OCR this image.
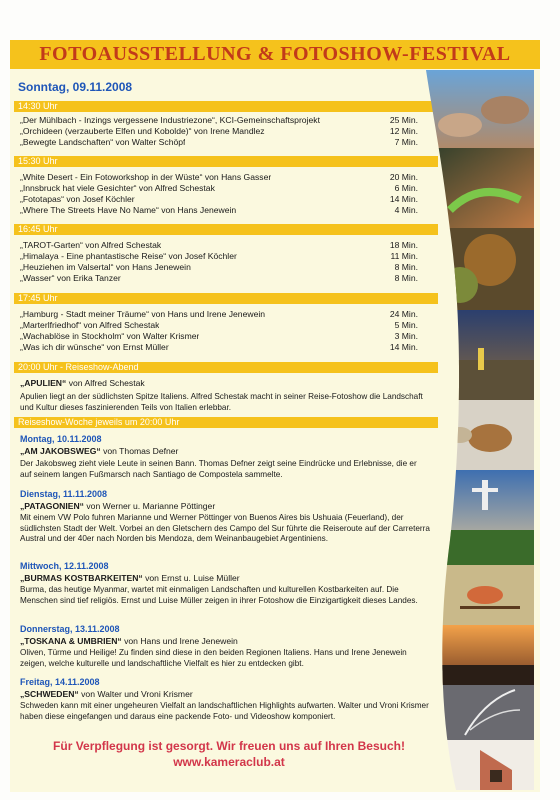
FOTOAUSSTELLUNG & FOTOSHOW-FESTIVAL
Sonntag, 09.11.2008
14:30 Uhr
„Der Mühlbach - Inzings vergessene Industriezone“, KCI-Gemeinschaftsprojekt	25 Min.
„Orchideen (verzauberte Elfen und Kobolde)“ von Irene Mandlez	12 Min.
„Bewegte Landschaften“ von Walter Schöpf	7 Min.
15:30 Uhr
„White Desert - Ein Fotoworkshop in der Wüste“ von Hans Gasser	20 Min.
„Innsbruck hat viele Gesichter“ von Alfred Schestak	6 Min.
„Fototapas“ von Josef Köchler	14 Min.
„Where The Streets Have No Name“ von Hans Jenewein	4 Min.
16:45 Uhr
„TAROT-Garten“ von Alfred Schestak	18 Min.
„Himalaya - Eine phantastische Reise“ von Josef Köchler	11 Min.
„Heuziehen im Valsertal“ von Hans Jenewein	8 Min.
„Wasser“ von Erika Tanzer	8 Min.
17:45 Uhr
„Hamburg - Stadt meiner Träume“ von Hans und Irene Jenewein	24 Min.
„Marterlfriedhof“ von Alfred Schestak	5 Min.
„Wachablöse in Stockholm“ von Walter Krismer	3 Min.
„Was ich dir wünsche“ von Ernst Müller	14 Min.
20:00 Uhr - Reiseshow-Abend
„APULIEN“ von Alfred Schestak
Apulien liegt an der südlichsten Spitze Italiens. Alfred Schestak macht in seiner Reise-Fotoshow die Landschaft und Kultur dieses faszinierenden Teils von Italien erlebbar.
Reiseshow-Woche jeweils um 20:00 Uhr
Montag, 10.11.2008
„AM JAKOBSWEG“ von Thomas Defner
Der Jakobsweg zieht viele Leute in seinen Bann. Thomas Defner zeigt seine Eindrücke und Erlebnisse, die er auf seinem langen Fußmarsch nach Santiago de Compostela sammelte.
Dienstag, 11.11.2008
„PATAGONIEN“ von Werner u. Marianne Pöttinger
Mit einem VW Polo fuhren Marianne und Werner Pöttinger von Buenos Aires bis Ushuaia (Feuerland), der südlichsten Stadt der Welt. Vorbei an den Gletschern des Campo del Sur führte die Reiseroute auf der Carreterra Austral und der 40er nach Norden bis Mendoza, dem Weinanbaugebiet Argentiniens.
Mittwoch, 12.11.2008
„BURMAS KOSTBARKEITEN“ von Ernst u. Luise Müller
Burma, das heutige Myanmar, wartet mit einmaligen Landschaften und kulturellen Kostbarkeiten auf. Die Menschen sind tief religiös. Ernst und Luise Müller zeigen in ihrer Fotoshow die Einzigartigkeit dieses Landes.
Donnerstag, 13.11.2008
„TOSKANA & UMBRIEN“ von Hans und Irene Jenewein
Oliven, Türme und Heilige! Zu finden sind diese in den beiden Regionen Italiens. Hans und Irene Jenewein zeigen, welche kulturelle und landschaftliche Vielfalt es hier zu entdecken gibt.
Freitag, 14.11.2008
„SCHWEDEN“ von Walter und Vroni Krismer
Schweden kann mit einer ungeheuren Vielfalt an landschaftlichen Highlights aufwarten. Walter und Vroni Krismer haben diese eingefangen und daraus eine packende Foto- und Videoshow komponiert.
Für Verpflegung ist gesorgt. Wir freuen uns auf Ihren Besuch!
www.kameraclub.at
